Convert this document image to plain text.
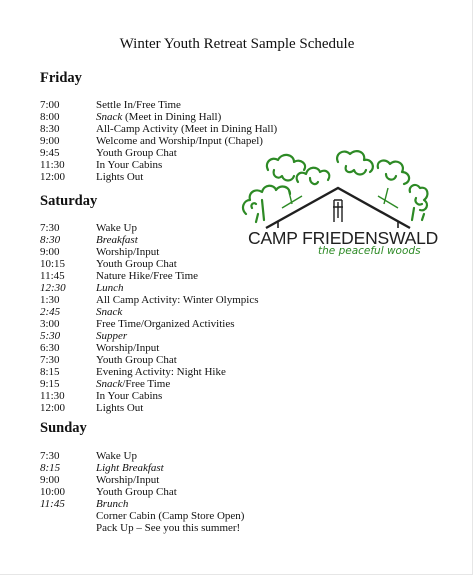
Winter Youth Retreat Sample Schedule
Friday
7:00	Settle In/Free Time
8:00	Snack (Meet in Dining Hall)
8:30	All-Camp Activity (Meet in Dining Hall)
9:00	Welcome and Worship/Input (Chapel)
9:45	Youth Group Chat
11:30	In Your Cabins
12:00	Lights Out
Saturday
7:30	Wake Up
8:30	Breakfast
9:00	Worship/Input
10:15	Youth Group Chat
11:45	Nature Hike/Free Time
12:30	Lunch
1:30	All Camp Activity: Winter Olympics
2:45	Snack
3:00	Free Time/Organized Activities
5:30	Supper
6:30	Worship/Input
7:30	Youth Group Chat
8:15	Evening Activity: Night Hike
9:15	Snack/Free Time
11:30	In Your Cabins
12:00	Lights Out
Sunday
7:30	Wake Up
8:15	Light Breakfast
9:00	Worship/Input
10:00	Youth Group Chat
11:45	Brunch
Corner Cabin (Camp Store Open)
Pack Up – See you this summer!
CAMP FRIEDENSWALD
the peaceful woods
